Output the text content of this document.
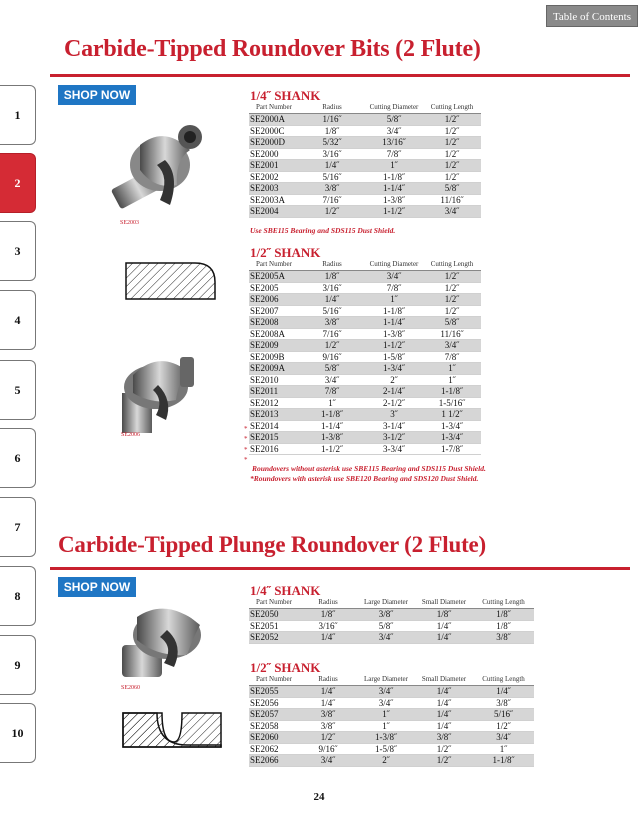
Table of Contents
1
2
3
4
5
6
7
8
9
10
Carbide-Tipped Roundover Bits (2 Flute)
SHOP NOW
SE2003
SE2006
1/4˝ SHANK
Part Number	Radius	Cutting Diameter	Cutting Length
SE2000A	1/16˝	5/8˝	1/2˝
SE2000C	1/8˝	3/4˝	1/2˝
SE2000D	5/32˝	13/16˝	1/2˝
SE2000	3/16˝	7/8˝	1/2˝
SE2001	1/4˝	1˝	1/2˝
SE2002	5/16˝	1-1/8˝	1/2˝
SE2003	3/8˝	1-1/4˝	5/8˝
SE2003A	7/16˝	1-3/8˝	11/16˝
SE2004	1/2˝	1-1/2˝	3/4˝
Use SBE115 Bearing and SDS115 Dust Shield.
1/2˝ SHANK
Part Number	Radius	Cutting Diameter	Cutting Length
SE2005A	1/8˝	3/4˝	1/2˝
SE2005	3/16˝	7/8˝	1/2˝
SE2006	1/4˝	1˝	1/2˝
SE2007	5/16˝	1-1/8˝	1/2˝
SE2008	3/8˝	1-1/4˝	5/8˝
SE2008A	7/16˝	1-3/8˝	11/16˝
SE2009	1/2˝	1-1/2˝	3/4˝
SE2009B	9/16˝	1-5/8˝	7/8˝
SE2009A	5/8˝	1-3/4˝	1˝
SE2010	3/4˝	2˝	1˝
SE2011	7/8˝	2-1/4˝	1-1/8˝
SE2012	1˝	2-1/2˝	1-5/16˝
SE2013	1-1/8˝	3˝	1 1/2˝
SE2014	1-1/4˝	3-1/4˝	1-3/4˝
SE2015	1-3/8˝	3-1/2˝	1-3/4˝
SE2016	1-1/2˝	3-3/4˝	1-7/8˝
*
*
*
*
Roundovers without asterisk use SBE115 Bearing and SDS115 Dust Shield.
*Roundovers with asterisk use SBE120 Bearing and SDS120 Dust Shield.
Carbide-Tipped Plunge Roundover (2 Flute)
SHOP NOW
SE2060
1/4˝ SHANK
Part Number	Radius	Large Diameter	Small Diameter	Cutting Length
SE2050	1/8˝	3/8˝	1/8˝	1/8˝
SE2051	3/16˝	5/8˝	1/4˝	1/8˝
SE2052	1/4˝	3/4˝	1/4˝	3/8˝
1/2˝ SHANK
Part Number	Radius	Large Diameter	Small Diameter	Cutting Length
SE2055	1/4˝	3/4˝	1/4˝	1/4˝
SE2056	1/4˝	3/4˝	1/4˝	3/8˝
SE2057	3/8˝	1˝	1/4˝	5/16˝
SE2058	3/8˝	1˝	1/4˝	1/2˝
SE2060	1/2˝	1-3/8˝	3/8˝	3/4˝
SE2062	9/16˝	1-5/8˝	1/2˝	1˝
SE2066	3/4˝	2˝	1/2˝	1-1/8˝
24
